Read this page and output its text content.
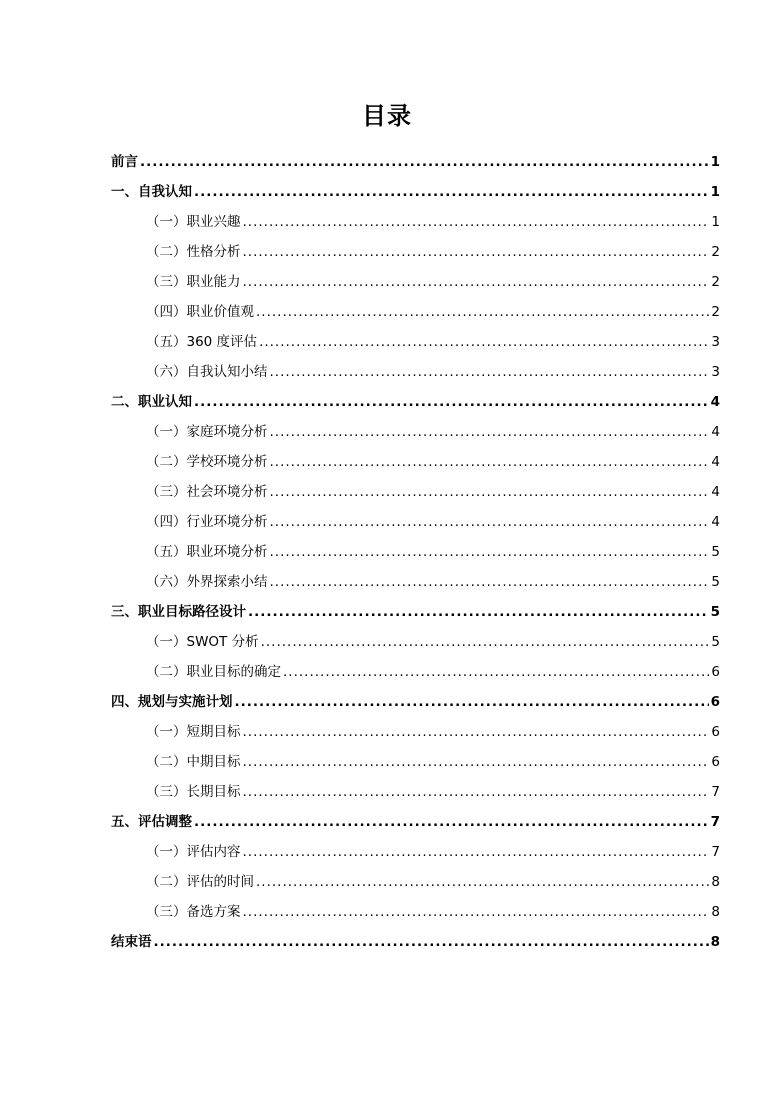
目录
前言 .....	1
一、自我认知 .....	1
（一）职业兴趣 .....	1
（二）性格分析 .....	2
（三）职业能力 .....	2
（四）职业价值观 .....	2
（五）360 度评估 .....	3
（六）自我认知小结 .....	3
二、职业认知 .....	4
（一）家庭环境分析 .....	4
（二）学校环境分析 .....	4
（三）社会环境分析 .....	4
（四）行业环境分析 .....	4
（五）职业环境分析 .....	5
（六）外界探索小结 .....	5
三、职业目标路径设计 .....	5
（一）SWOT 分析 .....	5
（二）职业目标的确定 .....	6
四、规划与实施计划 .....	6
（一）短期目标 .....	6
（二）中期目标 .....	6
（三）长期目标 .....	7
五、评估调整 .....	7
（一）评估内容 .....	7
（二）评估的时间 .....	8
（三）备选方案 .....	8
结束语 .....	8
